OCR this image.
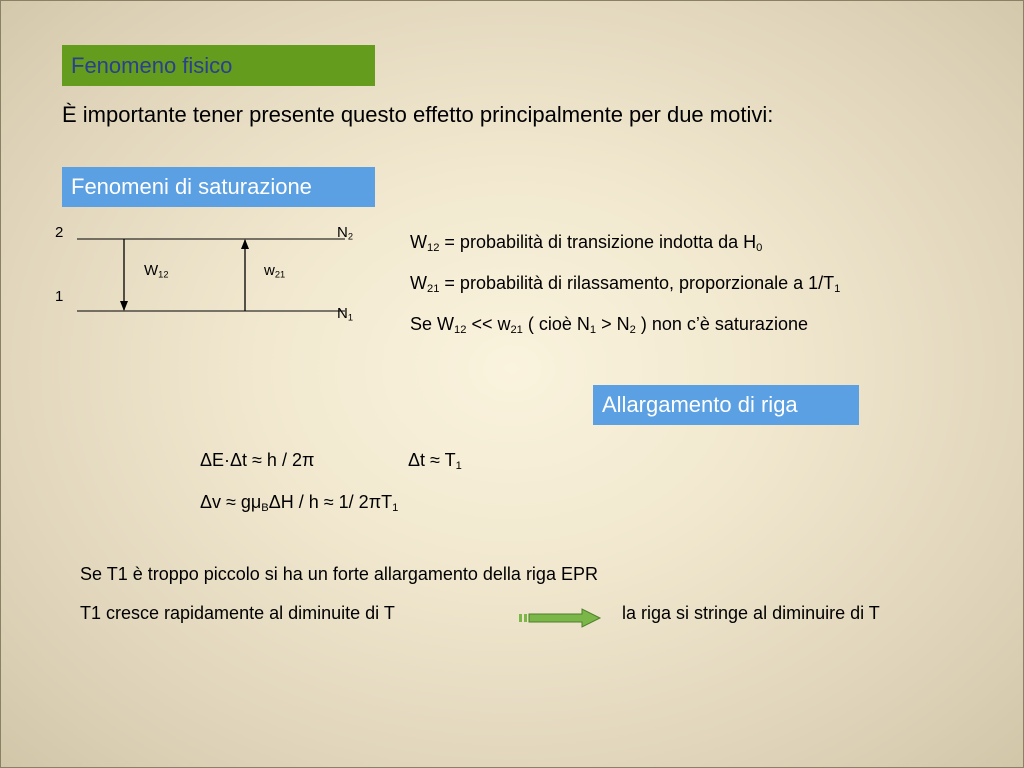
Fenomeno fisico
È importante tener presente questo effetto principalmente per due motivi:
Fenomeni di saturazione
2
1
$N_2$
$N_1$
$W_{12}$	$w_{21}$
$W_{12}$ = probabilità di transizione indotta da $H_0$
$W_{21}$ = probabilità di rilassamento, proporzionale a $1/T_1$
Se $W_{12} << w_{21}$ ( cioè $N_1 > N_2$ ) non c’è saturazione
Allargamento di riga
ΔE·Δt ≈ h / 2π	$\Delta t \approx T_1$
$\Delta v \approx g\mu_B\Delta H / h \approx 1/$ $2\pi T_1$
Se T1 è troppo piccolo si ha un forte allargamento della riga EPR
T1 cresce rapidamente al diminuite di T	la riga si stringe al diminuire di T
